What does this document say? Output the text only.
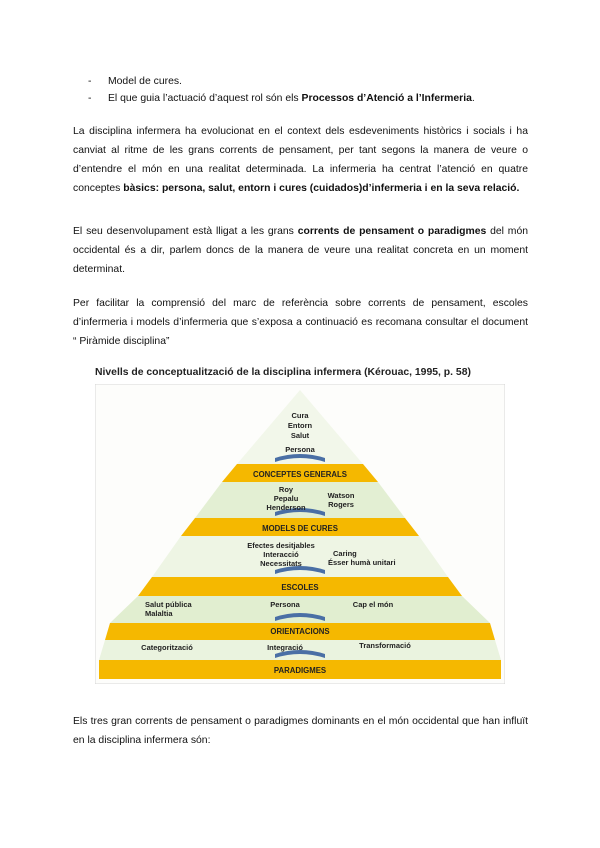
- Model de cures.
- El que guia l’actuació d’aquest rol són els Processos d’Atenció a l’Infermeria.

La disciplina infermera ha evolucionat en el context dels esdeveniments històrics i socials i ha canviat al ritme de les grans corrents de pensament, per tant segons la manera de veure o d’entendre el món en una realitat determinada. La infermeria ha centrat l’atenció en quatre conceptes bàsics: persona, salut, entorn i cures (cuidados)d’infermeria i en la seva relació.

El seu desenvolupament està lligat a les grans corrents de pensament o paradigmes del món occidental és a dir, parlem doncs de la manera de veure una realitat concreta en un moment determinat.

Per facilitar la comprensió del marc de referència sobre corrents de pensament, escoles d’infermeria i models d’infermeria que s’exposa a continuació es recomana consultar el document “ Piràmide disciplina”

Nivells de conceptualització de la disciplina infermera (Kérouac, 1995, p. 58)
Cura
Entorn
Salut
Persona
CONCEPTES GENERALS
Roy
Pepalu
Henderson
Watson
Rogers
MODELS DE CURES
Efectes desitjables
Interacció
Necessitats
Caring
Ésser humà unitari
ESCOLES
Salut pública
Malaltia
Persona	Cap el món
ORIENTACIONS
Categorització	Integració	Transformació
PARADIGMES

Els tres gran corrents de pensament o paradigmes dominants en el món occidental que han influït en la disciplina infermera són:
